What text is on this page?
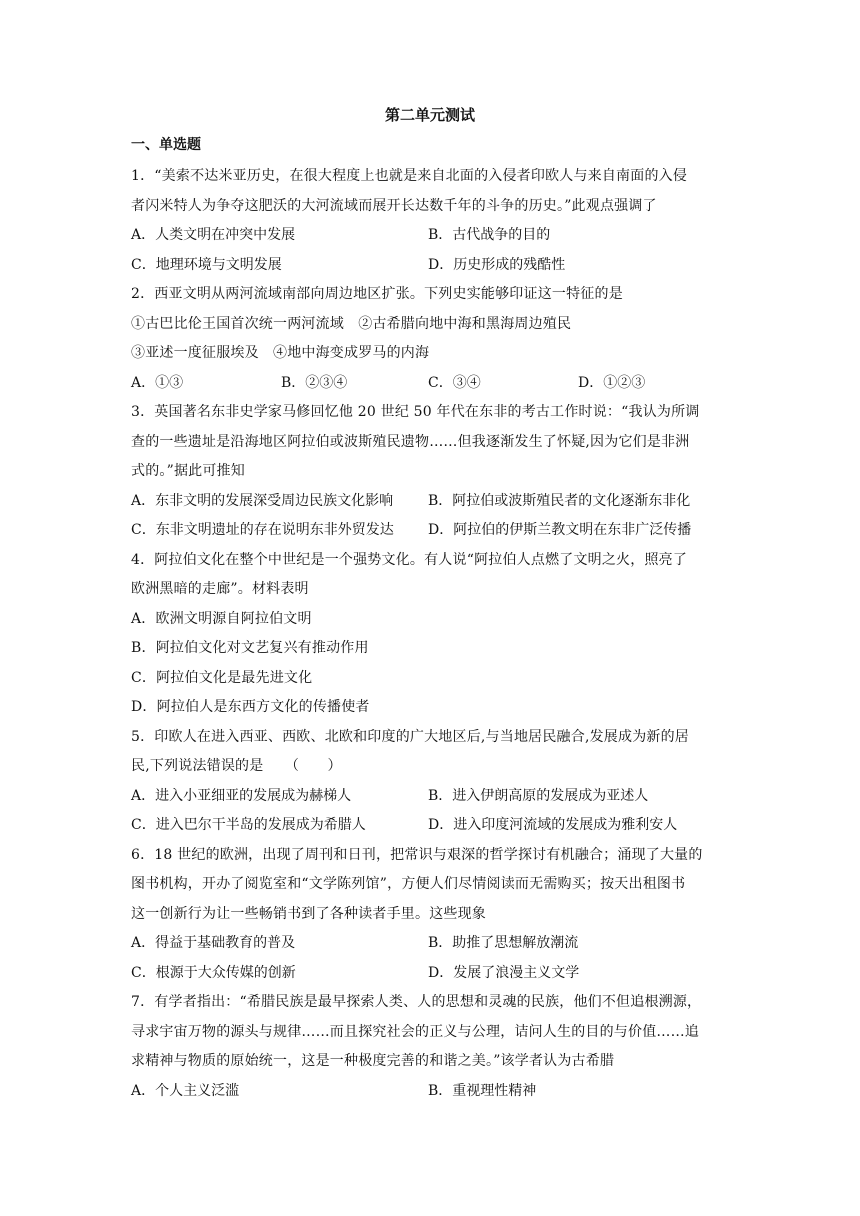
第二单元测试
一、单选题
1．“美索不达米亚历史，在很大程度上也就是来自北面的入侵者印欧人与来自南面的入侵
者闪米特人为争夺这肥沃的大河流域而展开长达数千年的斗争的历史。”此观点强调了
A．人类文明在冲突中发展	B．古代战争的目的
C．地理环境与文明发展	D．历史形成的残酷性
2．西亚文明从两河流域南部向周边地区扩张。下列史实能够印证这一特征的是
①古巴比伦王国首次统一两河流域　②古希腊向地中海和黑海周边殖民
③亚述一度征服埃及　④地中海变成罗马的内海
A．①③	B．②③④	C．③④	D．①②③
3．英国著名东非史学家马修回忆他 20 世纪 50 年代在东非的考古工作时说：“我认为所调
查的一些遗址是沿海地区阿拉伯或波斯殖民遗物……但我逐渐发生了怀疑,因为它们是非洲
式的。”据此可推知
A．东非文明的发展深受周边民族文化影响 B．阿拉伯或波斯殖民者的文化逐渐东非化
C．东非文明遗址的存在说明东非外贸发达 D．阿拉伯的伊斯兰教文明在东非广泛传播
4．阿拉伯文化在整个中世纪是一个强势文化。有人说“阿拉伯人点燃了文明之火，照亮了
欧洲黑暗的走廊”。材料表明
A．欧洲文明源自阿拉伯文明
B．阿拉伯文化对文艺复兴有推动作用
C．阿拉伯文化是最先进文化
D．阿拉伯人是东西方文化的传播使者
5．印欧人在进入西亚、西欧、北欧和印度的广大地区后,与当地居民融合,发展成为新的居
民,下列说法错误的是　　（　　）
A．进入小亚细亚的发展成为赫梯人	B．进入伊朗高原的发展成为亚述人
C．进入巴尔干半岛的发展成为希腊人	D．进入印度河流域的发展成为雅利安人
6．18 世纪的欧洲，出现了周刊和日刊，把常识与艰深的哲学探讨有机融合；涌现了大量的
图书机构，开办了阅览室和“文学陈列馆”，方便人们尽情阅读而无需购买；按天出租图书
这一创新行为让一些畅销书到了各种读者手里。这些现象
A．得益于基础教育的普及	B．助推了思想解放潮流
C．根源于大众传媒的创新	D．发展了浪漫主义文学
7．有学者指出：“希腊民族是最早探索人类、人的思想和灵魂的民族，他们不但追根溯源，
寻求宇宙万物的源头与规律……而且探究社会的正义与公理，诘问人生的目的与价值……追
求精神与物质的原始统一，这是一种极度完善的和谐之美。”该学者认为古希腊
A．个人主义泛滥	B．重视理性精神
